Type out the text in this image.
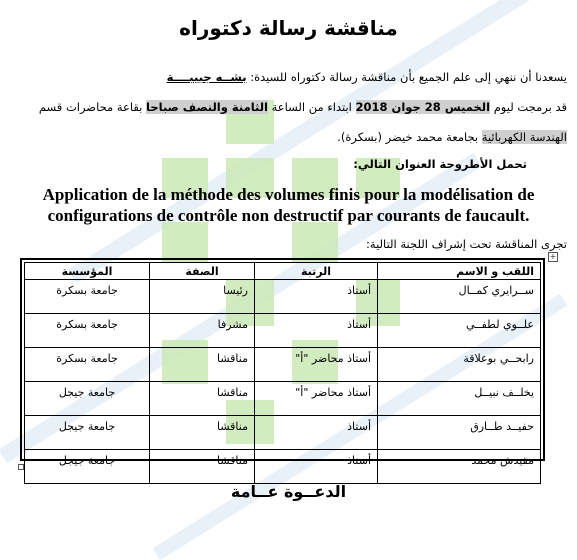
مناقشة رسالة دكتوراه
يسعدنا أن ننهي إلى علم الجميع بأن مناقشة رسالة دكتوراه للسيدة: بشــه جبيبــــة
قد برمجت ليوم الخميس 28 جوان 2018 ابتداء من الساعة الثامنة والنصف صباحا بقاعة محاضرات قسم
الهندسة الكهربائية بجامعة محمد خيضر (بسكرة).
تحمل الأطروحة العنوان التالي:
Application de la méthode des volumes finis pour la modélisation de
configurations de contrôle non destructif par courants de faucault.
تجرى المناقشة تحت إشراف اللجنة التالية:
+
اللقب و الاسم	الرتبة	الصفة	المؤسسة
ســرايري كمــال	أستاذ	رئيسا	جامعة بسكرة
علــوي لطفــي	أستاذ	مشرفا	جامعة بسكرة
رابحــي بوعلاقة	أستاذ محاضر "أ"	مناقشا	جامعة بسكرة
يخلــف نبيــل	أستاذ محاضر "أ"	مناقشا	جامعة جيجل
حفيــد طــارق	أستاذ	مناقشا	جامعة جيجل
مقيدش محمد	أستاذ	مناقشا	جامعة جيجل
الدعــوة عــامة
